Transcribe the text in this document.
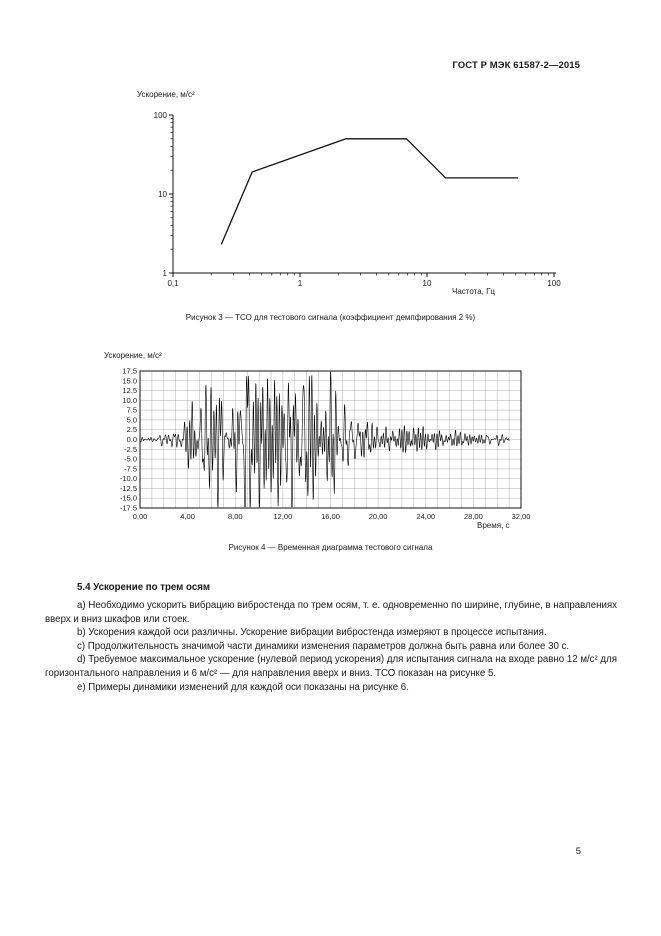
ГОСТ Р МЭК 61587-2—2015
Ускорение, м/с²
0,1	1	10	100
1
10
100
Частота, Гц
Рисунок 3 — ТСО для тестового сигнала (коэффициент демпфирования 2 %)
Ускорение, м/с²
0,00	4,00	8,00	12,00	16,00	20,00	24,00	28,00	32,00
17.5
15.0
12.5
10.0
7.5
5.0
2.5
0.0
-2.5
-5.0
-7.5
-10.0
-12.5
-15.0
-17.5
Время, с
Рисунок 4 — Временная диаграмма тестового сигнала
5.4 Ускорение по трем осям

a) Необходимо ускорить вибрацию вибростенда по трем осям, т. е. одновременно по ширине, глубине, в направлениях вверх и вниз шкафов или стоек.

b) Ускорения каждой оси различны. Ускорение вибрации вибростенда измеряют в процессе испытания.

c) Продолжительность значимой части динамики изменения параметров должна быть равна или более 30 с.

d) Требуемое максимальное ускорение (нулевой период ускорения) для испытания сигнала на входе равно 12 м/с² для горизонтального направления и 6 м/с² — для направления вверх и вниз. ТСО показан на рисунке 5.

e) Примеры динамики изменений для каждой оси показаны на рисунке 6.

5
